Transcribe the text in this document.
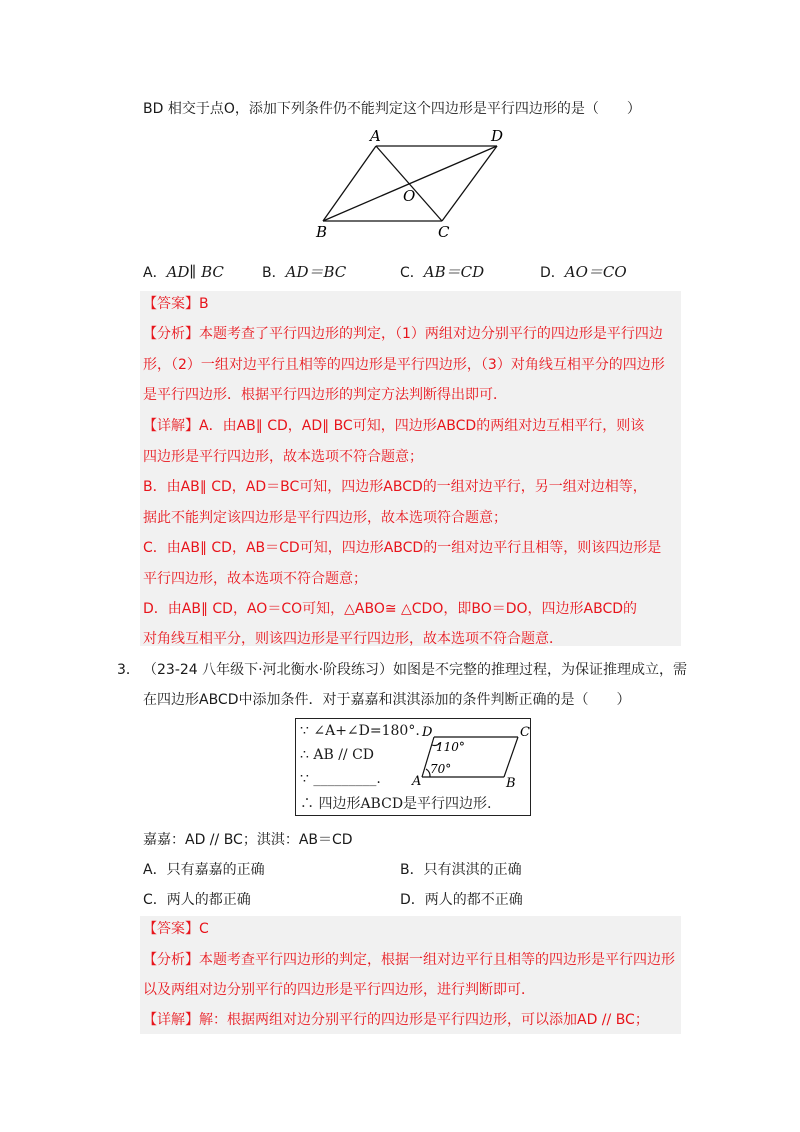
BD 相交于点O，添加下列条件仍不能判定这个四边形是平行四边形的是（　　）
A	D
O
B	C
A．AD∥ BC	B．AD＝BC	C．AB＝CD	D．AO＝CO
【答案】B
【分析】本题考查了平行四边形的判定，（1）两组对边分别平行的四边形是平行四边
形，（2）一组对边平行且相等的四边形是平行四边形，（3）对角线互相平分的四边形
是平行四边形．根据平行四边形的判定方法判断得出即可．
【详解】A．由AB∥ CD，AD∥ BC可知，四边形ABCD的两组对边互相平行，则该
四边形是平行四边形，故本选项不符合题意；
B．由AB∥ CD，AD＝BC可知，四边形ABCD的一组对边平行，另一组对边相等，
据此不能判定该四边形是平行四边形，故本选项符合题意；
C．由AB∥ CD，AB＝CD可知，四边形ABCD的一组对边平行且相等，则该四边形是
平行四边形，故本选项不符合题意；
D．由AB∥ CD，AO＝CO可知，△ABO≅ △CDO，即BO＝DO，四边形ABCD的
对角线互相平分，则该四边形是平行四边形，故本选项不符合题意．
3． （23-24 八年级下·河北衡水·阶段练习）如图是不完整的推理过程，为保证推理成立，需
在四边形ABCD中添加条件．对于嘉嘉和淇淇添加的条件判断正确的是（　　）
∵ ∠A+∠D=180°.
∴ AB // CD
∵ _________.
∴ 四边形ABCD是平行四边形.
D	C
A	B
110°
70°
嘉嘉：AD // BC；淇淇：AB＝CD
A．只有嘉嘉的正确	B．只有淇淇的正确
C．两人的都正确	D．两人的都不正确
【答案】C
【分析】本题考查平行四边形的判定，根据一组对边平行且相等的四边形是平行四边形
以及两组对边分别平行的四边形是平行四边形，进行判断即可．
【详解】解：根据两组对边分别平行的四边形是平行四边形，可以添加AD // BC；
